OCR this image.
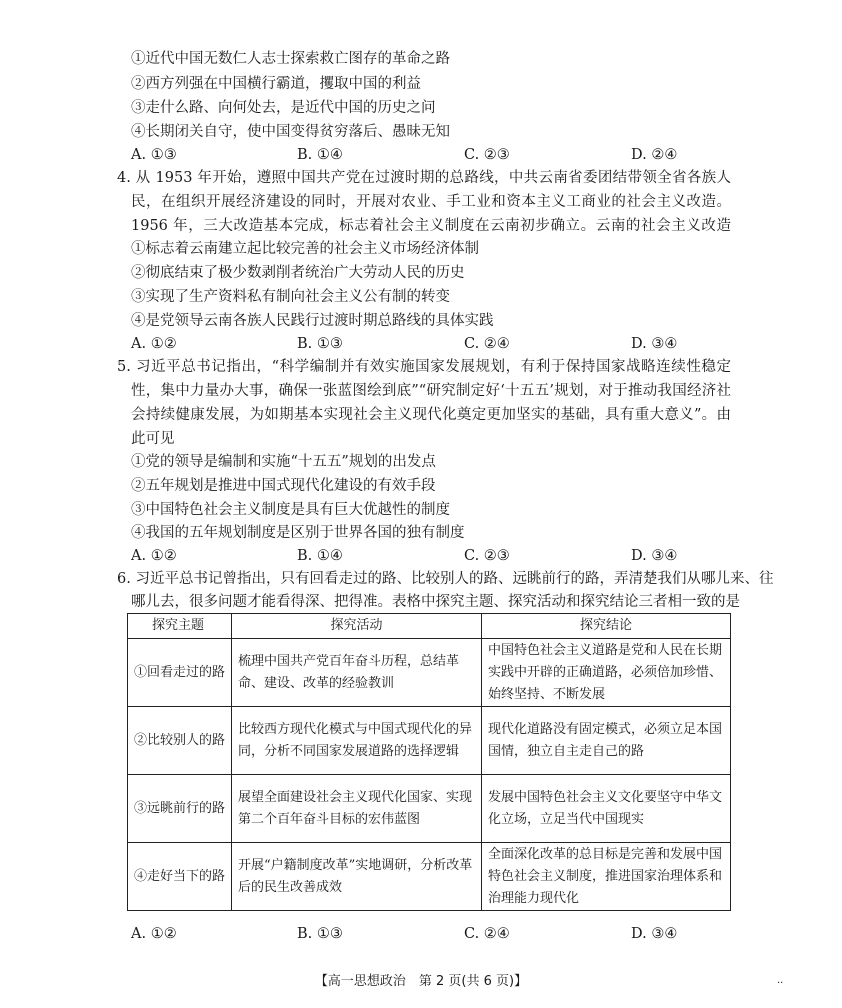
①近代中国无数仁人志士探索救亡图存的革命之路
②西方列强在中国横行霸道，攫取中国的利益
③走什么路、向何处去，是近代中国的历史之问
④长期闭关自守，使中国变得贫穷落后、愚昧无知
A. ①③	B. ①④	C. ②③	D. ②④
4. 从 1953 年开始，遵照中国共产党在过渡时期的总路线，中共云南省委团结带领全省各族人
民，在组织开展经济建设的同时，开展对农业、手工业和资本主义工商业的社会主义改造。
1956 年，三大改造基本完成，标志着社会主义制度在云南初步确立。云南的社会主义改造
①标志着云南建立起比较完善的社会主义市场经济体制
②彻底结束了极少数剥削者统治广大劳动人民的历史
③实现了生产资料私有制向社会主义公有制的转变
④是党领导云南各族人民践行过渡时期总路线的具体实践
A. ①②	B. ①③	C. ②④	D. ③④
5. 习近平总书记指出，“科学编制并有效实施国家发展规划，有利于保持国家战略连续性稳定
性，集中力量办大事，确保一张蓝图绘到底”“研究制定好‘十五五’规划，对于推动我国经济社
会持续健康发展，为如期基本实现社会主义现代化奠定更加坚实的基础，具有重大意义”。由
此可见
①党的领导是编制和实施“十五五”规划的出发点
②五年规划是推进中国式现代化建设的有效手段
③中国特色社会主义制度是具有巨大优越性的制度
④我国的五年规划制度是区别于世界各国的独有制度
A. ①②	B. ①④	C. ②③	D. ③④
6. 习近平总书记曾指出，只有回看走过的路、比较别人的路、远眺前行的路，弄清楚我们从哪儿来、往
哪儿去，很多问题才能看得深、把得准。表格中探究主题、探究活动和探究结论三者相一致的是
探究主题	探究活动	探究结论
①回看走过的路	梳理中国共产党百年奋斗历程，总结革命、建设、改革的经验教训	中国特色社会主义道路是党和人民在长期实践中开辟的正确道路，必须倍加珍惜、始终坚持、不断发展
②比较别人的路	比较西方现代化模式与中国式现代化的异同，分析不同国家发展道路的选择逻辑	现代化道路没有固定模式，必须立足本国国情，独立自主走自己的路
③远眺前行的路	展望全面建设社会主义现代化国家、实现第二个百年奋斗目标的宏伟蓝图	发展中国特色社会主义文化要坚守中华文化立场，立足当代中国现实
④走好当下的路	开展“户籍制度改革”实地调研，分析改革后的民生改善成效	全面深化改革的总目标是完善和发展中国特色社会主义制度，推进国家治理体系和治理能力现代化
A. ①②	B. ①③	C. ②④	D. ③④
【高一思想政治　第 2 页(共 6 页)】	··
